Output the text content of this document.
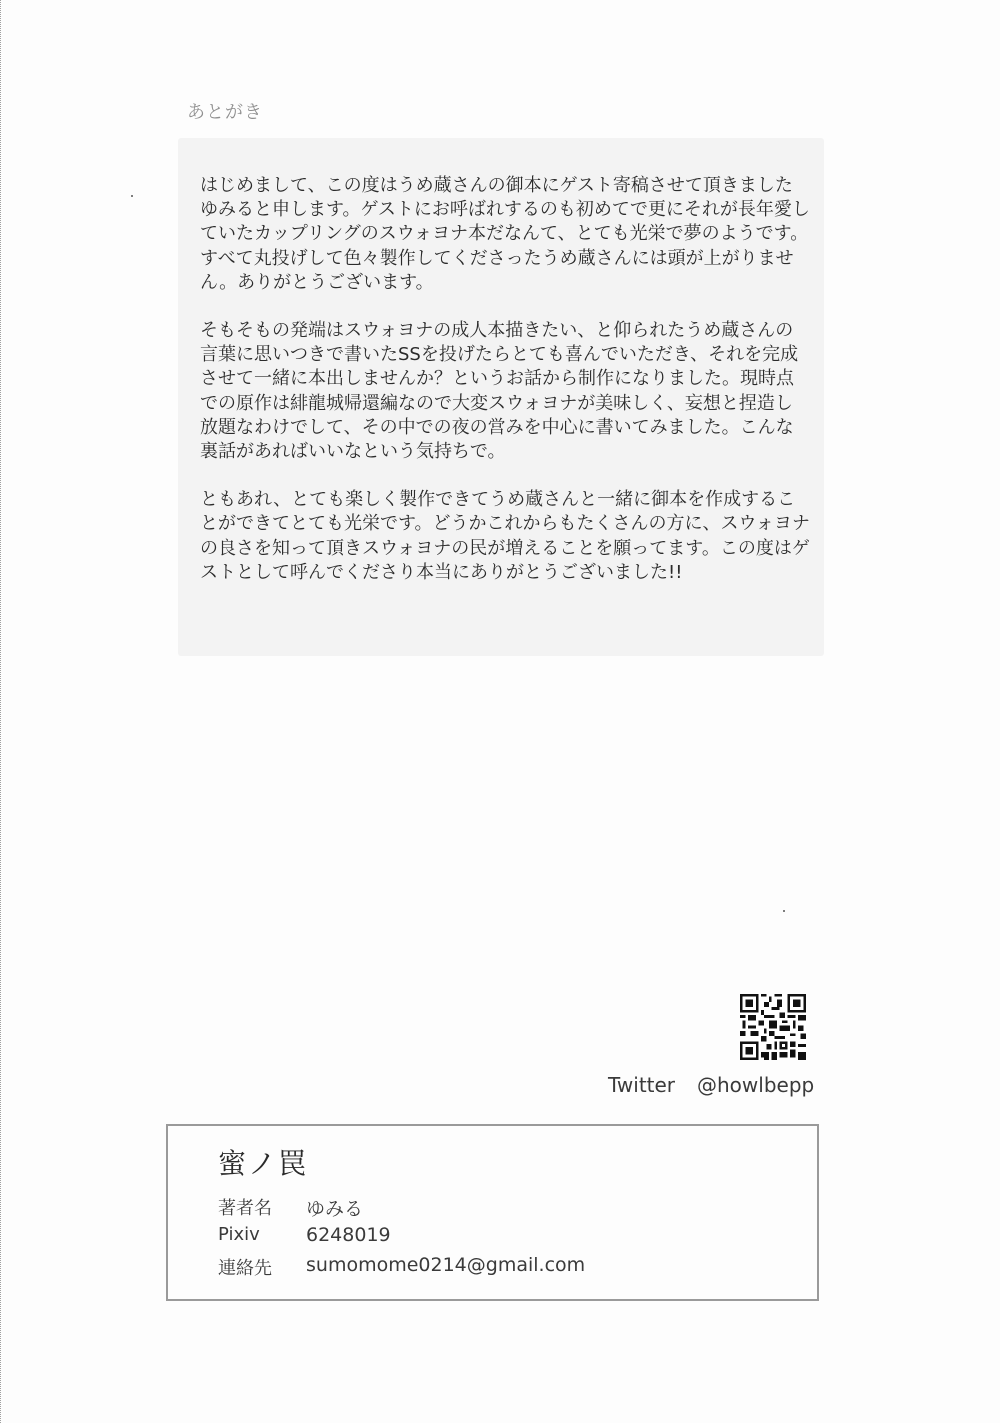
あとがき

はじめまして、この度はうめ蔵さんの御本にゲスト寄稿させて頂きましたゆみると申します。ゲストにお呼ばれするのも初めてで更にそれが長年愛していたカップリングのスウォヨナ本だなんて、とても光栄で夢のようです。すべて丸投げして色々製作してくださったうめ蔵さんには頭が上がりません。ありがとうございます。

そもそもの発端はスウォヨナの成人本描きたい、と仰られたうめ蔵さんの言葉に思いつきで書いたSSを投げたらとても喜んでいただき、それを完成させて一緒に本出しませんか？というお話から制作になりました。現時点での原作は緋龍城帰還編なので大変スウォヨナが美味しく、妄想と捏造し放題なわけでして、その中での夜の営みを中心に書いてみました。こんな裏話があればいいなという気持ちで。

ともあれ、とても楽しく製作できてうめ蔵さんと一緒に御本を作成することができてとても光栄です。どうかこれからもたくさんの方に、スウォヨナの良さを知って頂きスウォヨナの民が増えることを願ってます。この度はゲストとして呼んでくださり本当にありがとうございました!!

Twitter @howlbepp
蜜ノ罠
著者名	ゆみる
Pixiv	6248019
連絡先	sumomome0214@gmail.com
